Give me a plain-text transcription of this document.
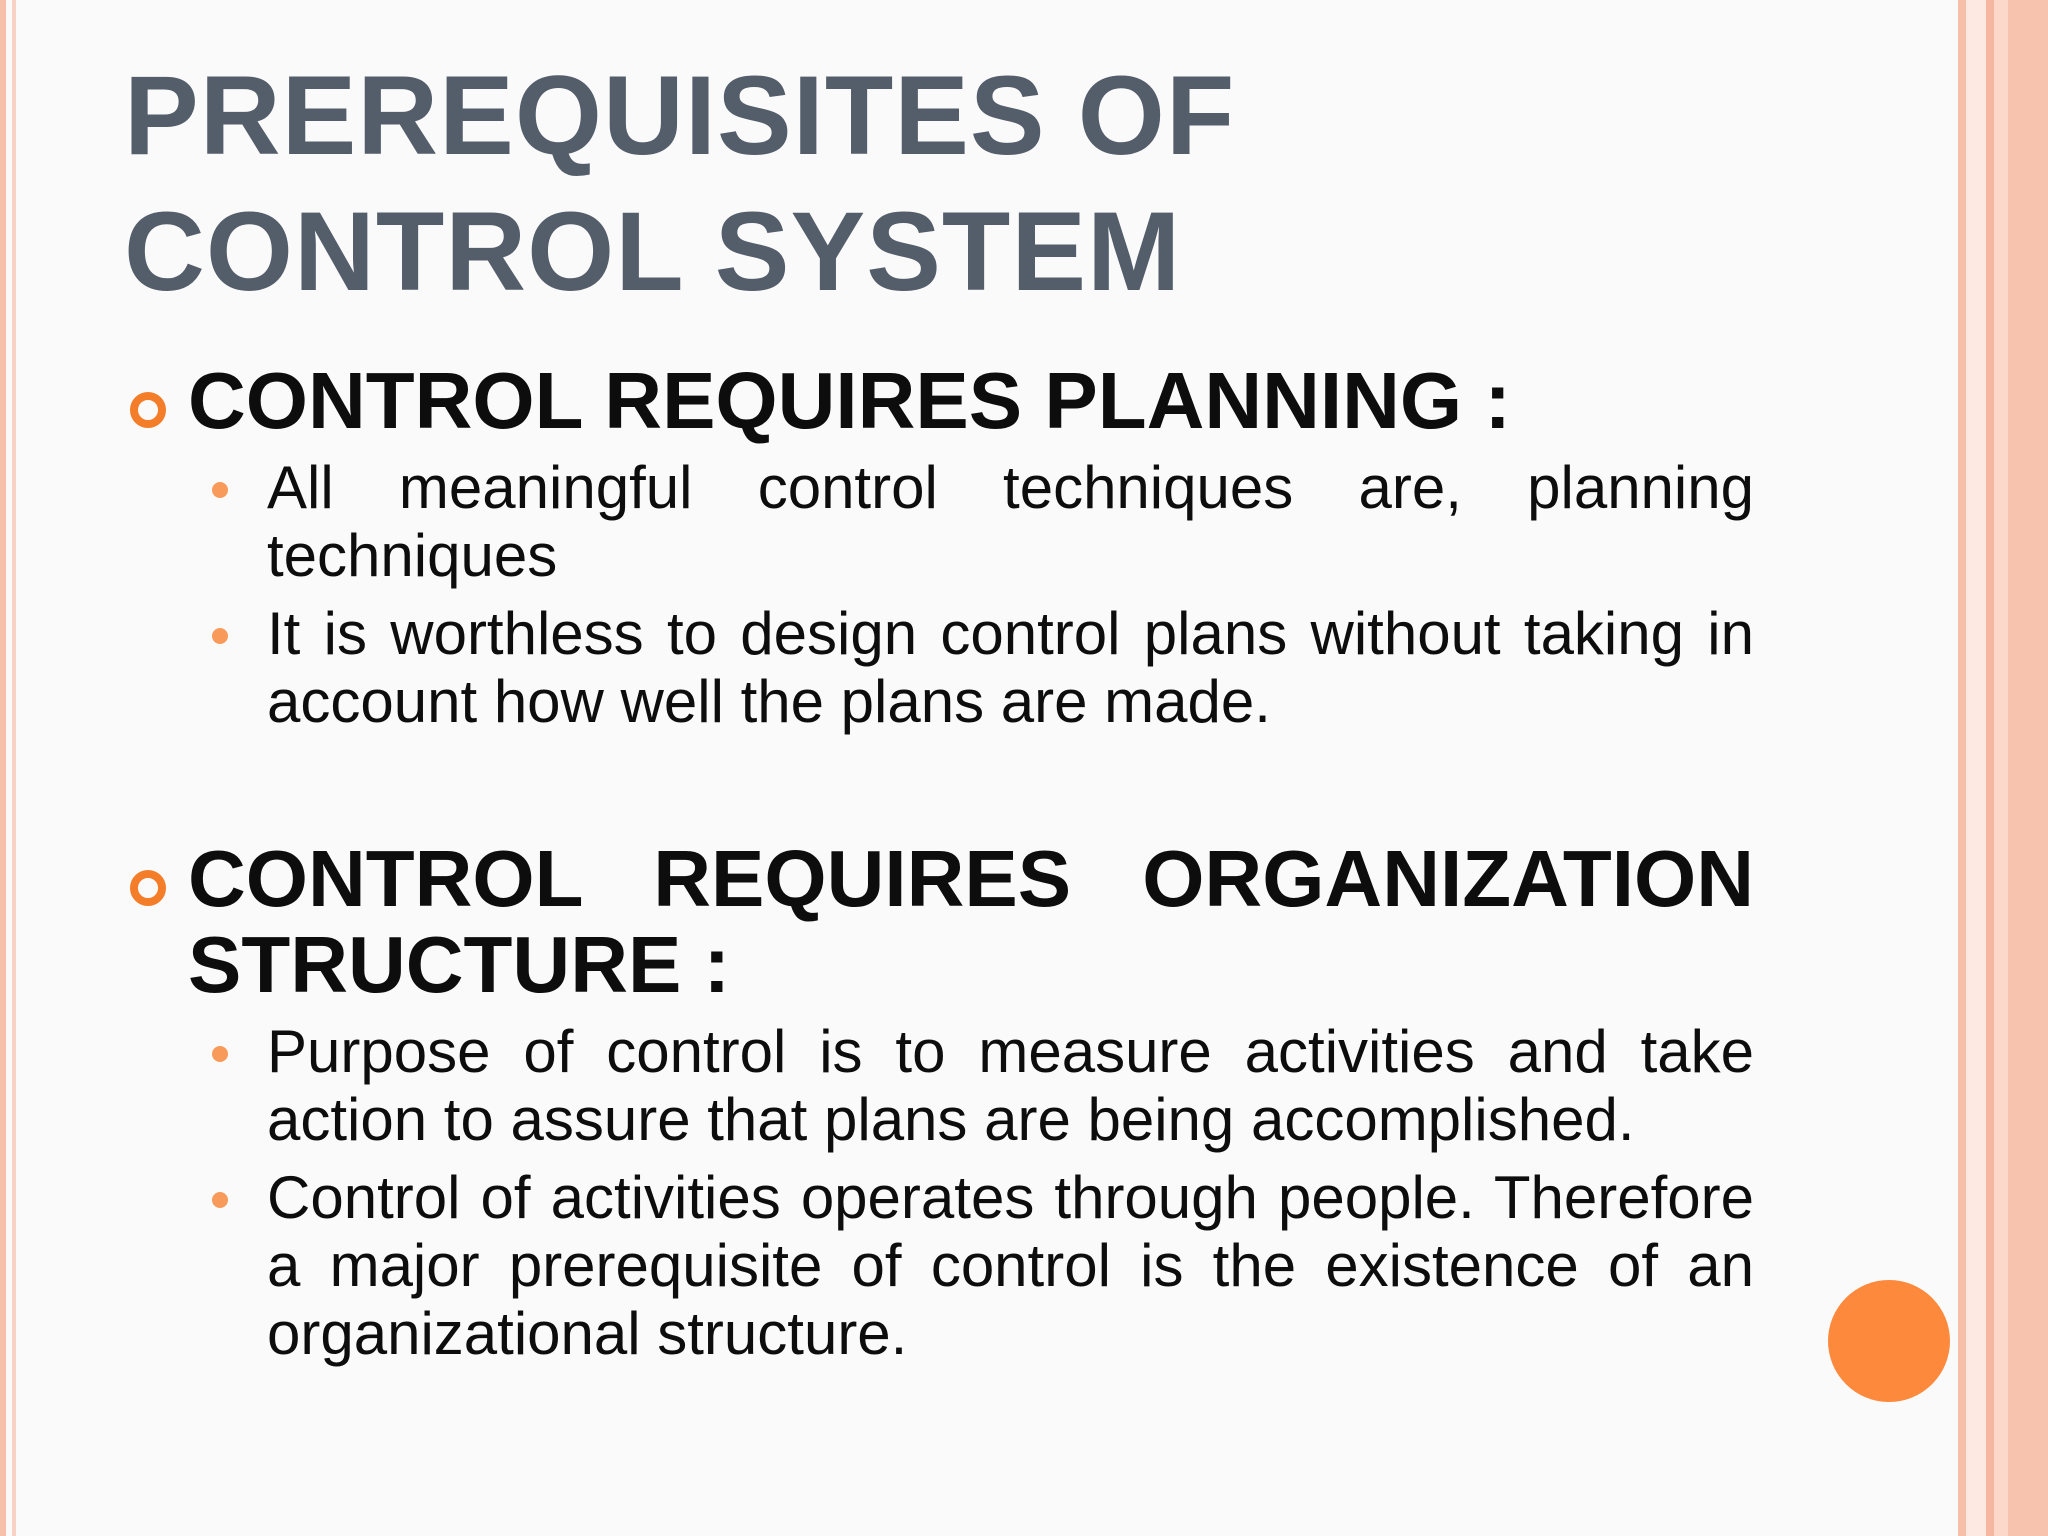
PREREQUISITES OF CONTROL SYSTEM
CONTROL REQUIRES PLANNING :
All meaningful control techniques are, planning techniques
It is worthless to design control plans without taking in account how well the plans are made.
CONTROL REQUIRES ORGANIZATION STRUCTURE :
Purpose of control is to measure activities and take action to assure that plans are being accomplished.
Control of activities operates through people. Therefore a major prerequisite of control is the existence of an organizational structure.
